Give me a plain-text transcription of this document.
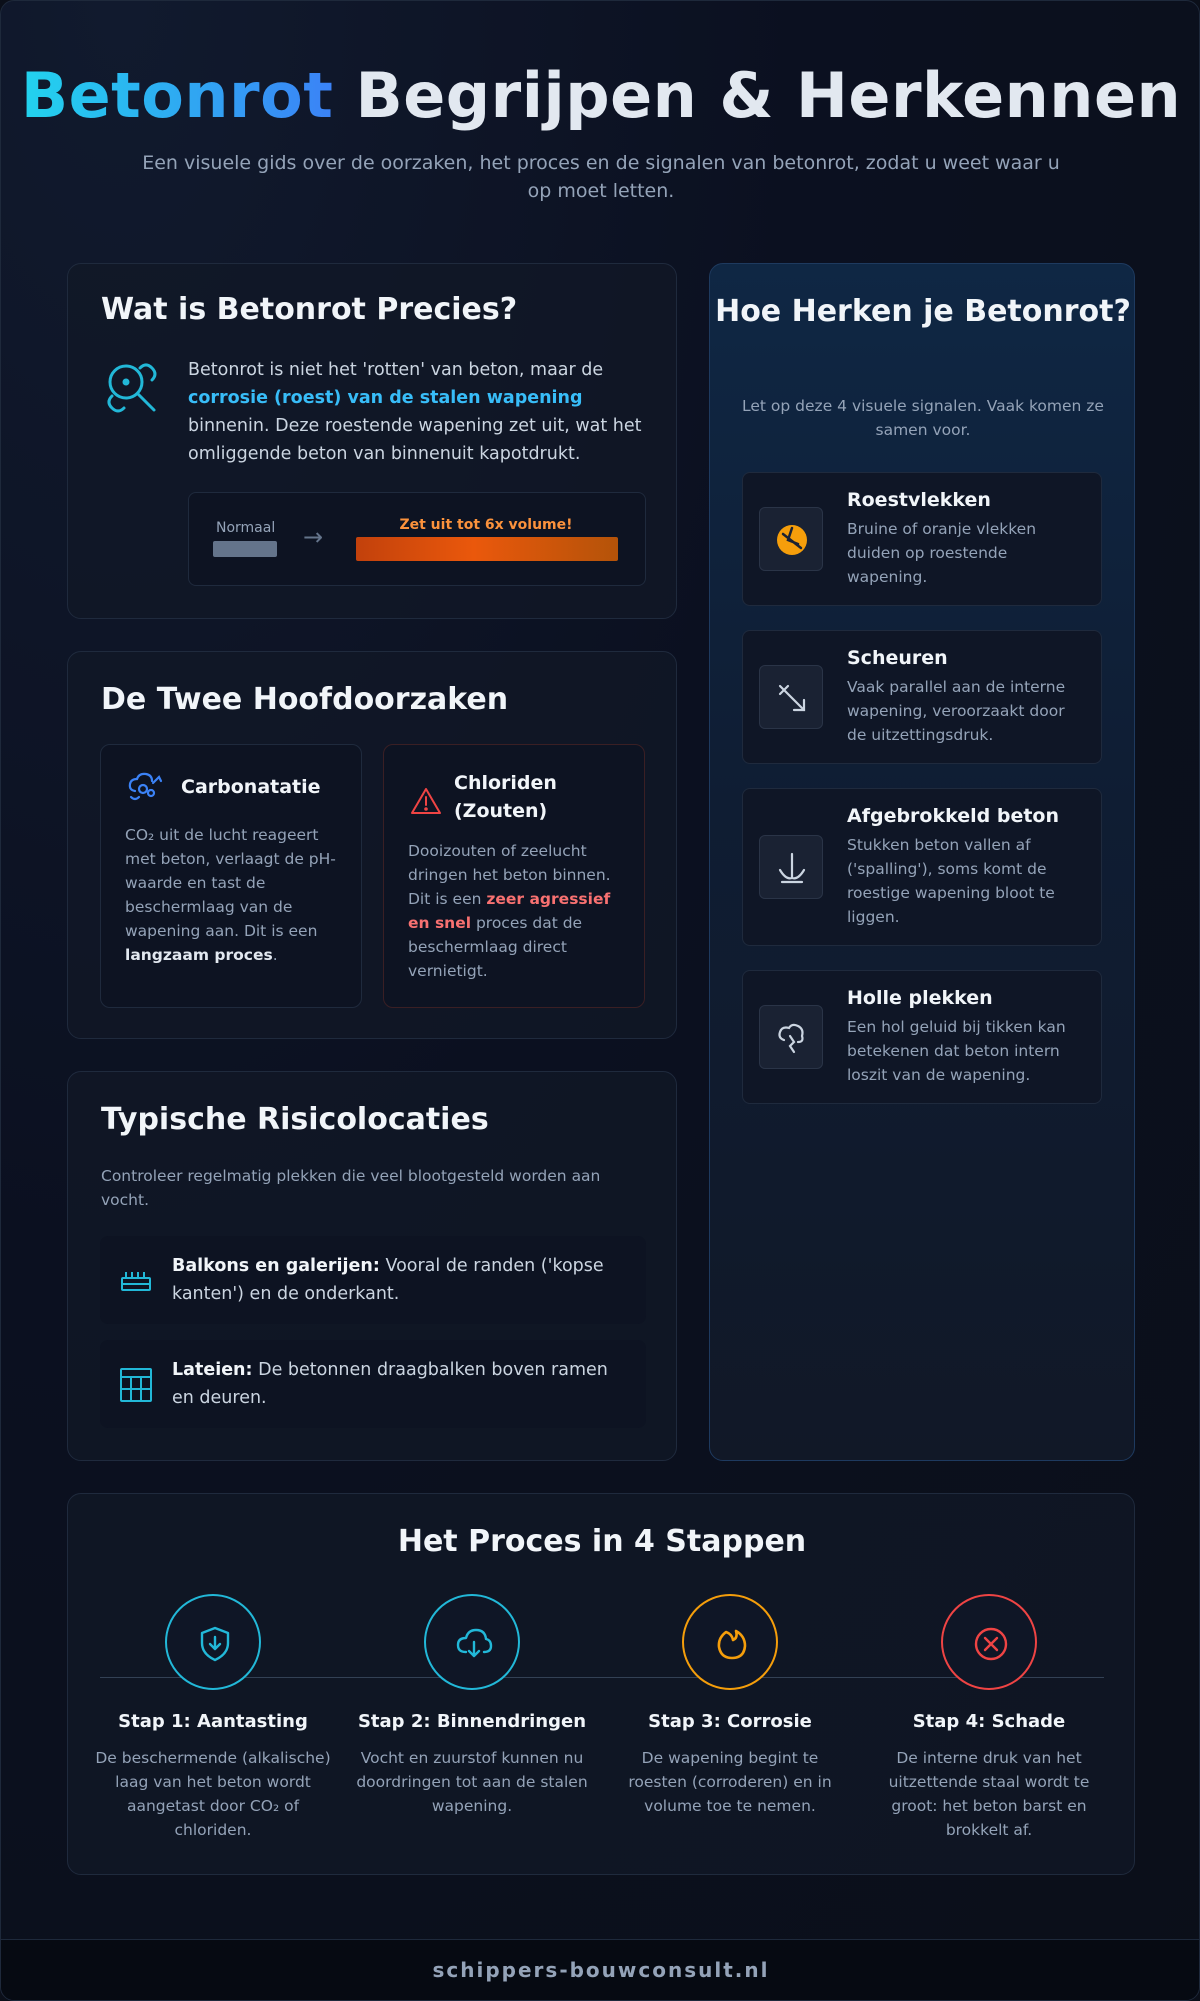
Betonrot Begrijpen & Herkennen

Een visuele gids over de oorzaken, het proces en de signalen van betonrot, zodat u weet waar u op moet letten.

Wat is Betonrot Precies?

Betonrot is niet het 'rotten' van beton, maar de corrosie (roest) van de stalen wapening binnenin. Deze roestende wapening zet uit, wat het omliggende beton van binnenuit kapotdrukt.

Normaal →	Zet uit tot 6x volume!
De Twee Hoofdoorzaken
Carbonatatie

CO₂ uit de lucht reageert met beton, verlaagt de pH-waarde en tast de beschermlaag van de wapening aan. Dit is een langzaam proces.

Chloriden (Zouten)

Dooizouten of zeelucht dringen het beton binnen. Dit is een zeer agressief en snel proces dat de beschermlaag direct vernietigt.

Typische Risicolocaties

Controleer regelmatig plekken die veel blootgesteld worden aan vocht.

Balkons en galerijen: Vooral de randen ('kopse kanten') en de onderkant.

Lateien: De betonnen draagbalken boven ramen en deuren.

Hoe Herken je Betonrot?

Let op deze 4 visuele signalen. Vaak komen ze samen voor.

Roestvlekken

Bruine of oranje vlekken duiden op roestende wapening.

Scheuren

Vaak parallel aan de interne wapening, veroorzaakt door de uitzettingsdruk.

Afgebrokkeld beton

Stukken beton vallen af ('spalling'), soms komt de roestige wapening bloot te liggen.

Holle plekken

Een hol geluid bij tikken kan betekenen dat beton intern loszit van de wapening.

Het Proces in 4 Stappen
Stap 1: Aantasting

De beschermende (alkalische) laag van het beton wordt aangetast door CO₂ of chloriden.

Stap 2: Binnendringen

Vocht en zuurstof kunnen nu doordringen tot aan de stalen wapening.

Stap 3: Corrosie

De wapening begint te roesten (corroderen) en in volume toe te nemen.

Stap 4: Schade

De interne druk van het uitzettende staal wordt te groot: het beton barst en brokkelt af.

schippers-bouwconsult.nl
